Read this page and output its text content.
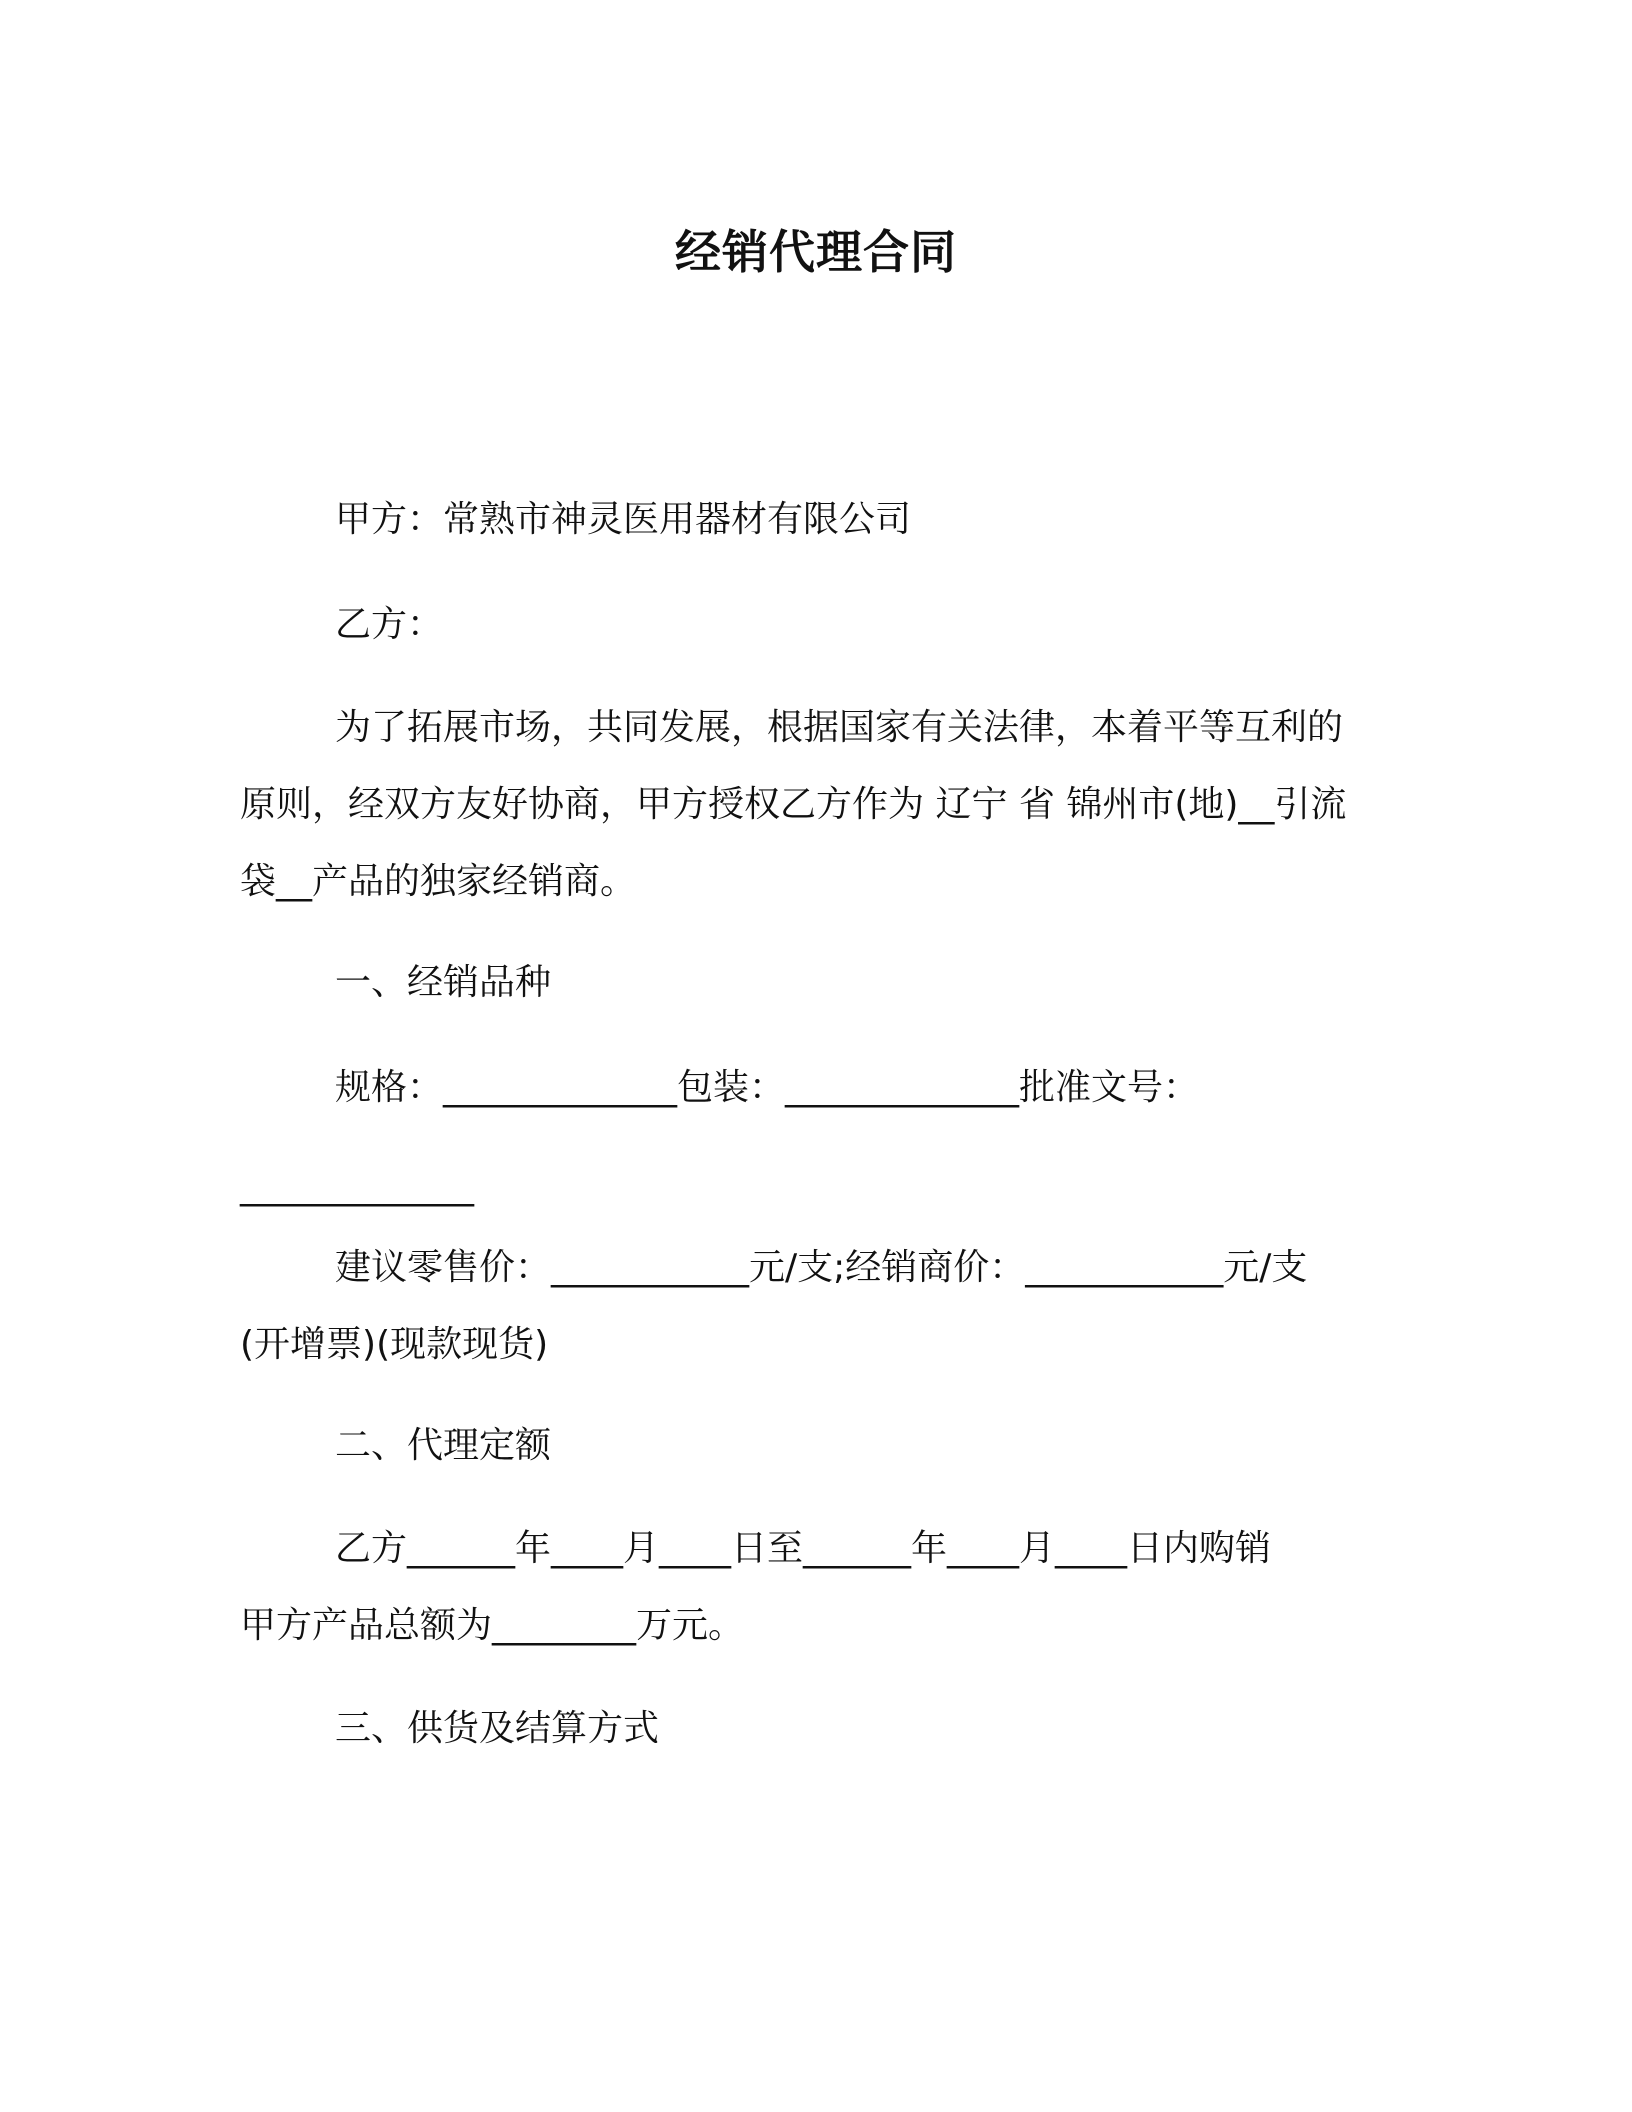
经销代理合同
甲方：常熟市神灵医用器材有限公司
乙方：
为了拓展市场，共同发展，根据国家有关法律，本着平等互利的
原则，经双方友好协商，甲方授权乙方作为 辽宁 省 锦州市(地)__引流
袋__产品的独家经销商。
一、经销品种
规格：_____________包装：_____________批准文号：
_____________
建议零售价：___________元/支;经销商价：___________元/支
(开增票)(现款现货)
二、代理定额
乙方______年____月____日至______年____月____日内购销
甲方产品总额为________万元。
三、供货及结算方式
